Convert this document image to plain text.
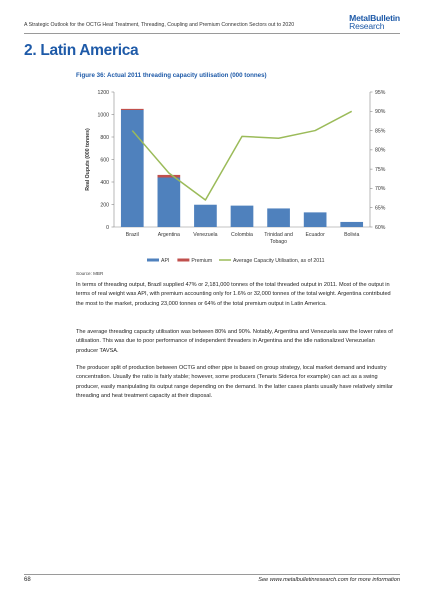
A Strategic Outlook for the OCTG Heat Treatment, Threading, Coupling and Premium Connection Sectors out to 2020
MetalBulletin
Research
2. Latin America
Figure 36: Actual 2011 threading capacity utilisation (000 tonnes)
0
200
400
600
800
1000
1200
60%
65%
70%
75%
80%
85%
90%
95%
Real Ouputs (000 tonnes)
Brazil	Argentina	Venezuela	Colombia Trinidad and
Tobago
Ecuador	Bolivia
API	Premium	Average Capacity Utilisation, as of 2011
Source: MBR

In terms of threading output, Brazil supplied 47% or 2,181,000 tonnes of the total threaded output in 2011. Most of the output in terms of real weight was API, with premium accounting only for 1.6% or 32,000 tonnes of the total weight. Argentina contributed the most to the market, producing 23,000 tonnes or 64% of the total premium output in Latin America.

The average threading capacity utilisation was between 80% and 90%. Notably, Argentina and Venezuela saw the lower rates of utilisation. This was due to poor performance of independent threaders in Argentina and the idle nationalized Venezuelan producer TAVSA.

The producer split of production between OCTG and other pipe is based on group strategy, local market demand and industry concentration. Usually the ratio is fairly stable; however, some producers (Tenaris Siderca for example) can act as a swing producer, easily manipulating its output range depending on the demand. In the latter cases plants usually have relatively similar threading and heat treatment capacity at their disposal.

68	See www.metalbulletinresearch.com for more information
